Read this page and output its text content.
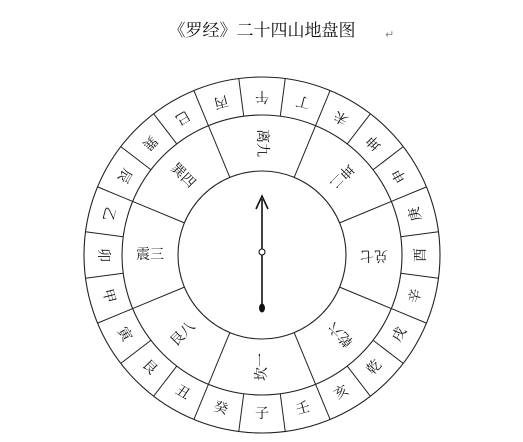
《罗经》二十四山地盘图	↵
午 丁
未
坤
申
庚
酉
辛
戌
乾
亥
壬
子
癸
丑
艮
寅
甲
卯
乙
辰
巽
巳
丙
离九
坤二
兑七
乾六
坎一
艮八
震三
巽四
